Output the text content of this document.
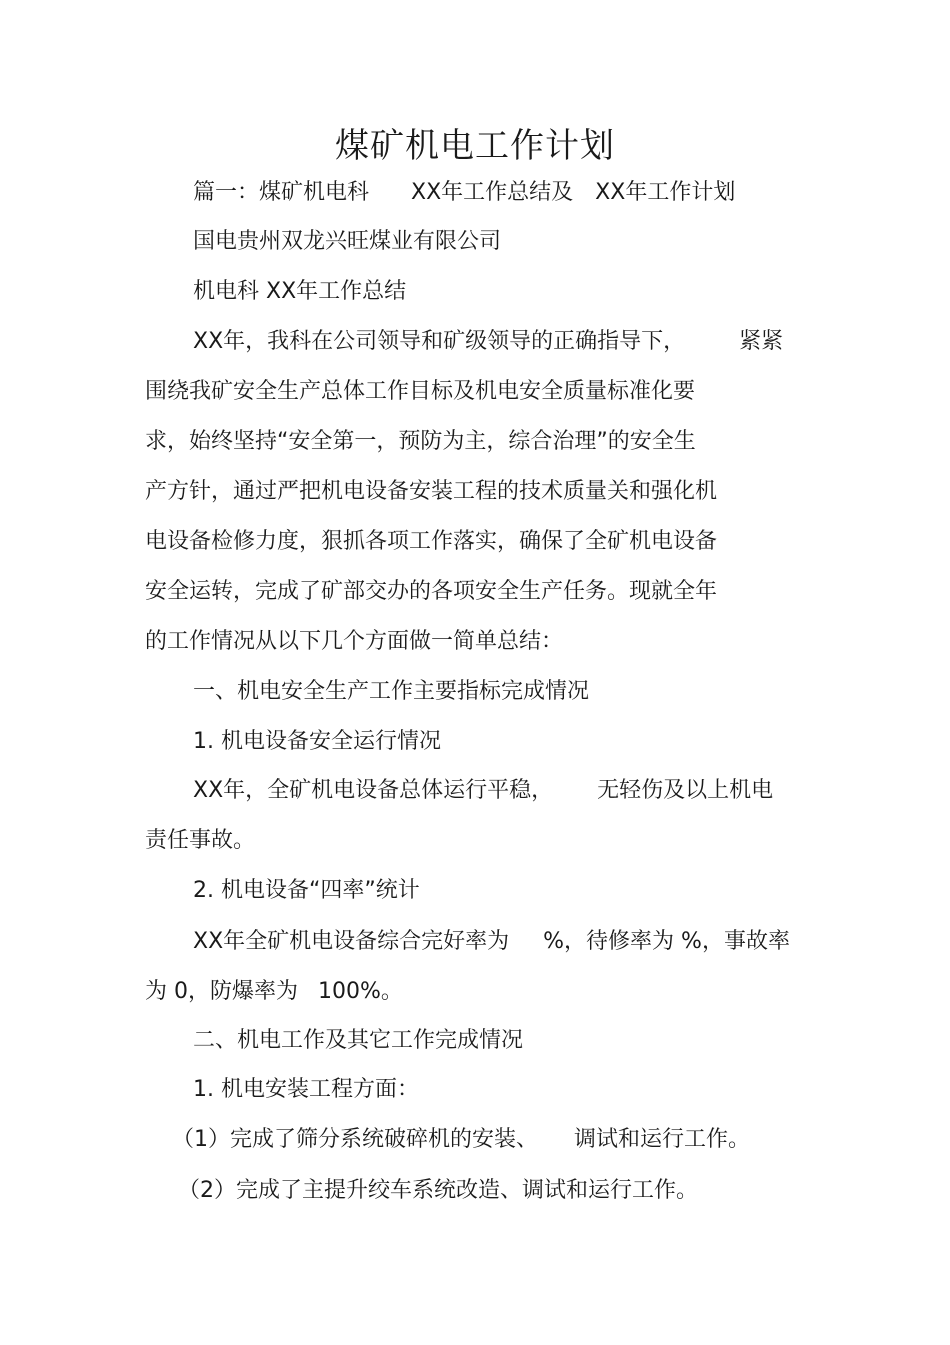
煤矿机电工作计划

篇一：煤矿机电科 XX年工作总结及 XX年工作计划

国电贵州双龙兴旺煤业有限公司

机电科 XX年工作总结

XX年，我科在公司领导和矿级领导的正确指导下， 紧紧

围绕我矿安全生产总体工作目标及机电安全质量标准化要

求，始终坚持“安全第一，预防为主，综合治理”的安全生

产方针，通过严把机电设备安装工程的技术质量关和强化机

电设备检修力度，狠抓各项工作落实，确保了全矿机电设备

安全运转，完成了矿部交办的各项安全生产任务。现就全年

的工作情况从以下几个方面做一简单总结：

一、机电安全生产工作主要指标完成情况

1. 机电设备安全运行情况

XX年，全矿机电设备总体运行平稳， 无轻伤及以上机电

责任事故。

2. 机电设备“四率”统计

XX年全矿机电设备综合完好率为 %，待修率为 %，事故率

为 0，防爆率为 100%。

二、机电工作及其它工作完成情况

1. 机电安装工程方面：

（1）完成了筛分系统破碎机的安装、 调试和运行工作。

（2）完成了主提升绞车系统改造、调试和运行工作。
